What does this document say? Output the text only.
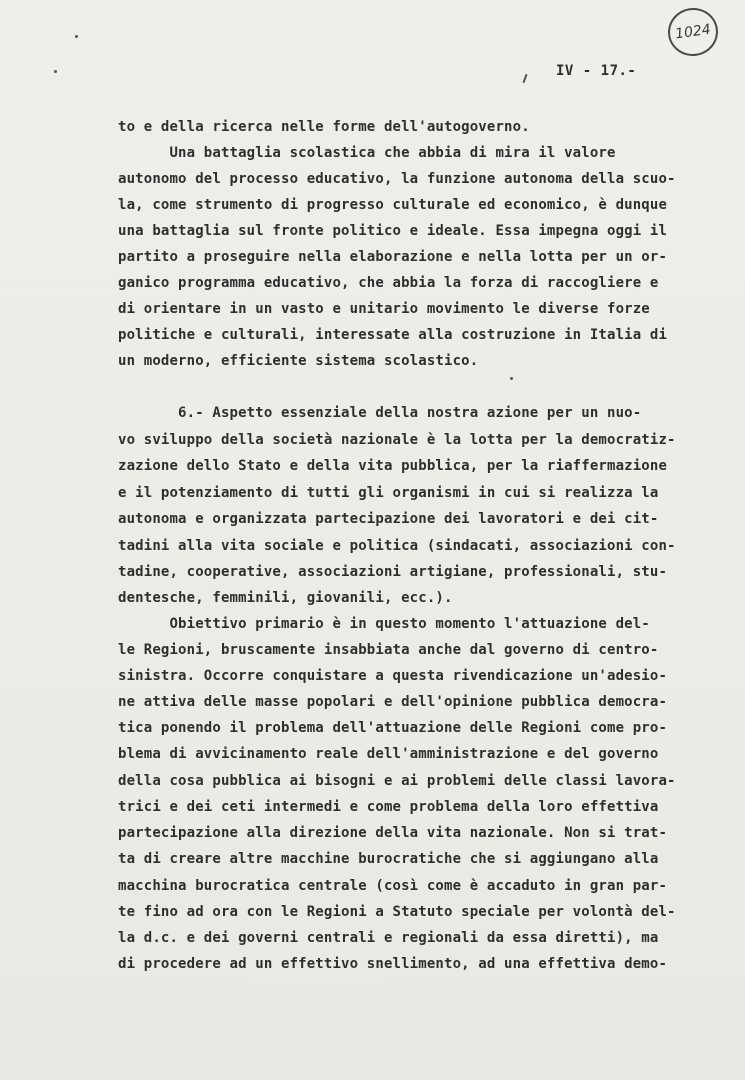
1024
IV - 17.-
to e della ricerca nelle forme dell'autogoverno.
Una battaglia scolastica che abbia di mira il valore
autonomo del processo educativo, la funzione autonoma della scuo-
la, come strumento di progresso culturale ed economico, è dunque
una battaglia sul fronte politico e ideale. Essa impegna oggi il
partito a proseguire nella elaborazione e nella lotta per un or-
ganico programma educativo, che abbia la forza di raccogliere e
di orientare in un vasto e unitario movimento le diverse forze
politiche e culturali, interessate alla costruzione in Italia di
un moderno, efficiente sistema scolastico.
6.- Aspetto essenziale della nostra azione per un nuo-
vo sviluppo della società nazionale è la lotta per la democratiz-
zazione dello Stato e della vita pubblica, per la riaffermazione
e il potenziamento di tutti gli organismi in cui si realizza la
autonoma e organizzata partecipazione dei lavoratori e dei cit-
tadini alla vita sociale e politica (sindacati, associazioni con-
tadine, cooperative, associazioni artigiane, professionali, stu-
dentesche, femminili, giovanili, ecc.).
Obiettivo primario è in questo momento l'attuazione del-
le Regioni, bruscamente insabbiata anche dal governo di centro-
sinistra. Occorre conquistare a questa rivendicazione un'adesio-
ne attiva delle masse popolari e dell'opinione pubblica democra-
tica ponendo il problema dell'attuazione delle Regioni come pro-
blema di avvicinamento reale dell'amministrazione e del governo
della cosa pubblica ai bisogni e ai problemi delle classi lavora-
trici e dei ceti intermedi e come problema della loro effettiva
partecipazione alla direzione della vita nazionale. Non si trat-
ta di creare altre macchine burocratiche che si aggiungano alla
macchina burocratica centrale (così come è accaduto in gran par-
te fino ad ora con le Regioni a Statuto speciale per volontà del-
la d.c. e dei governi centrali e regionali da essa diretti), ma
di procedere ad un effettivo snellimento, ad una effettiva demo-
